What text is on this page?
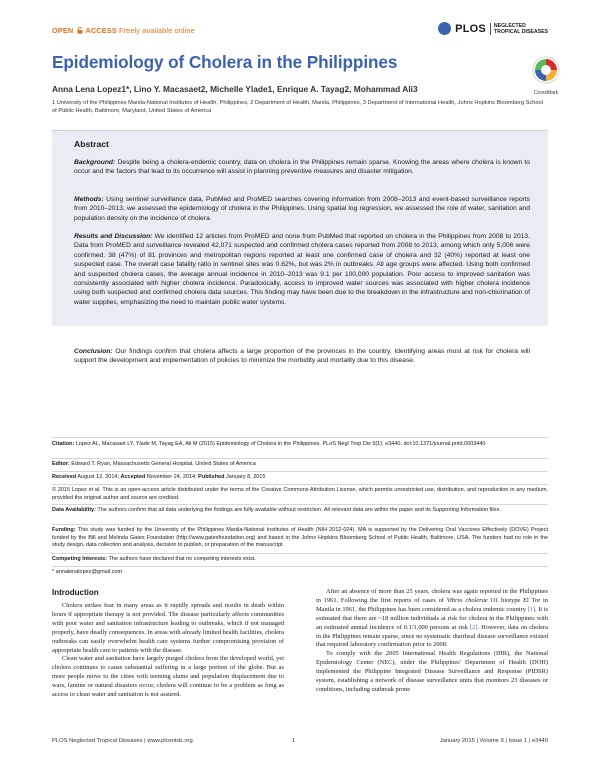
OPEN ACCESS Freely available online	PLOS	NEGLECTED
TROPICAL DISEASES
Epidemiology of Cholera in the Philippines
CrossMark
Anna Lena Lopez1*, Lino Y. Macasaet2, Michelle Ylade1, Enrique A. Tayag2, Mohammad Ali3
1 University of the Philippines Manila-National Institutes of Health, Philippines, 2 Department of Health, Manila, Philippines, 3 Department of International Health, Johns Hopkins Bloomberg School of Public Health, Baltimore, Maryland, United States of America
Abstract

Background: Despite being a cholera-endemic country, data on cholera in the Philippines remain sparse. Knowing the areas where cholera is known to occur and the factors that lead to its occurrence will assist in planning preventive measures and disaster mitigation.

Methods: Using sentinel surveillance data, PubMed and ProMED searches covering information from 2008–2013 and event-based surveillance reports from 2010–2013, we assessed the epidemiology of cholera in the Philippines. Using spatial log regression, we assessed the role of water, sanitation and population density on the incidence of cholera.

Results and Discussion: We identified 12 articles from ProMED and none from PubMed that reported on cholera in the Philippines from 2008 to 2013. Data from ProMED and surveillance revealed 42,071 suspected and confirmed cholera cases reported from 2008 to 2013, among which only 5,006 were confirmed. 38 (47%) of 81 provinces and metropolitan regions reported at least one confirmed case of cholera and 32 (40%) reported at least one suspected case. The overall case fatality ratio in sentinel sites was 0.62%, but was 2% in outbreaks. All age groups were affected. Using both confirmed and suspected cholera cases, the average annual incidence in 2010–2013 was 9.1 per 100,000 population. Poor access to improved sanitation was consistently associated with higher cholera incidence. Paradoxically, access to improved water sources was associated with higher cholera incidence using both suspected and confirmed cholera data sources. This finding may have been due to the breakdown in the infrastructure and non-chlorination of water supplies, emphasizing the need to maintain public water systems.

Conclusion: Our findings confirm that cholera affects a large proportion of the provinces in the country. Identifying areas most at risk for cholera will support the development and implementation of policies to minimize the morbidity and mortality due to this disease.

Citation: Lopez AL, Macasaet LY, Ylade M, Tayag EA, Ali M (2015) Epidemiology of Cholera in the Philippines. PLoS Negl Trop Dis 9(1): e3440. doi:10.1371/journal.pntd.0003440
Editor: Edward T. Ryan, Massachusetts General Hospital, United States of America
Received August 12, 2014; Accepted November 24, 2014; Published January 8, 2015
© 2015 Lopez et al. This is an open-access article distributed under the terms of the Creative Commons Attribution License, which permits unrestricted use, distribution, and reproduction in any medium, provided the original author and source are credited.
Data Availability: The authors confirm that all data underlying the findings are fully available without restriction. All relevant data are within the paper and its Supporting Information files.
Funding: This study was funded by the University of the Philippines Manila-National Institutes of Health (NIH 2012-024). MA is supported by the Delivering Oral Vaccines Effectively (DOVE) Project funded by the Bill and Melinda Gates Foundation (http://www.gatesfoundation.org) and based in the Johns Hopkins Bloomberg School of Public Health, Baltimore, USA. The funders had no role in the study design, data collection and analysis, decision to publish, or preparation of the manuscript.
Competing Interests: The authors have declared that no competing interests exist.
* annalenalopez@gmail.com
Introduction

Cholera strikes fear in many areas as it rapidly spreads and results in death within hours if appropriate therapy is not provided. The disease particularly affects communities with poor water and sanitation infrastructure leading to outbreaks, which if not managed properly, have deadly consequences. In areas with already limited health facilities, cholera outbreaks can easily overwhelm health care systems further compromising provision of appropriate health care to patients with the disease.

Clean water and sanitation have largely purged cholera from the developed world, yet cholera continues to cause substantial suffering in a large portion of the globe. But as more people move to the cities with teeming slums and population displacement due to wars, famine or natural disasters occur, cholera will continue to be a problem as long as access to clean water and sanitation is not assured.

After an absence of more than 25 years, cholera was again reported in the Philippines in 1961. Following the first reports of cases of Vibrio cholerae O1 biotype El Tor in Manila in 1961, the Philippines has been considered as a cholera endemic country [1]. It is estimated that there are ~18 million individuals at risk for cholera in the Philippines with an estimated annual incidence of 0.1/1,000 persons at risk [2]. However, data on cholera in the Philippines remain sparse, since no systematic diarrheal disease surveillance existed that required laboratory confirmation prior to 2008.

To comply with the 2005 International Health Regulations (IHR), the National Epidemiology Center (NEC), under the Philippines' Department of Health (DOH) implemented the Philippine Integrated Disease Surveillance and Response (PIDSR) system, establishing a network of disease surveillance units that monitors 23 diseases or conditions, including outbreak prone

PLOS Neglected Tropical Diseases | www.plosntds.org	1	January 2015 | Volume 9 | Issue 1 | e3440
